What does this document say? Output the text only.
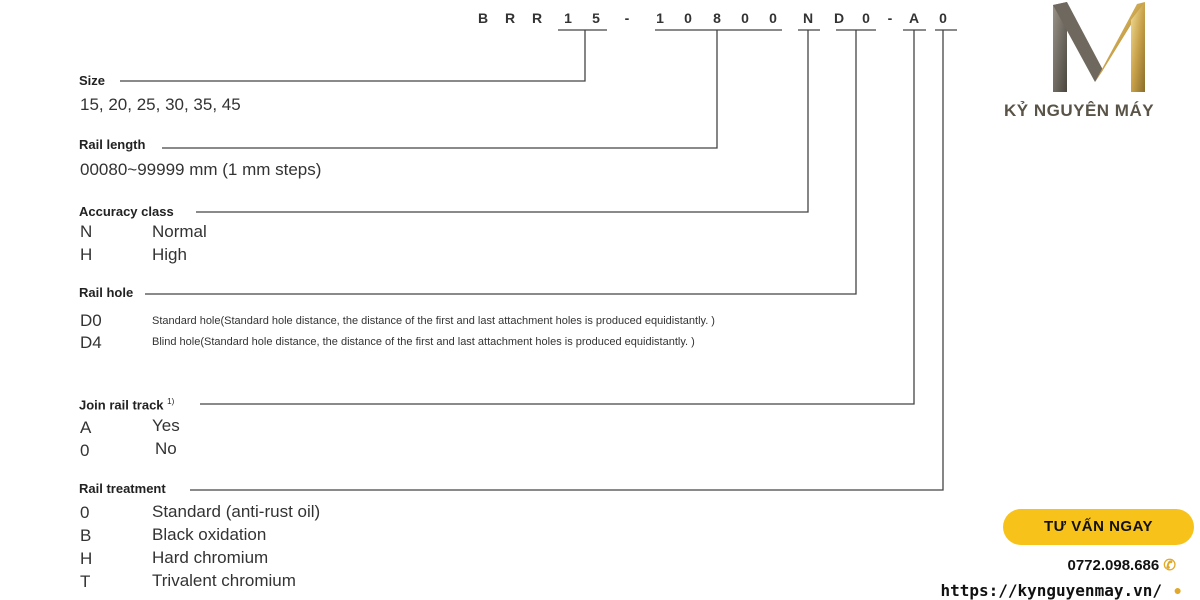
B	R	R	1	5	-	1	0	8	0	0	N	D	0	-	A	0
Size
15, 20, 25, 30, 35, 45
Rail length
00080~99999 mm (1 mm steps)
Accuracy class
N	Normal
H	High
Rail hole
D0	Standard hole(Standard hole distance, the distance of the first and last attachment holes is produced equidistantly. )
D4	Blind hole(Standard hole distance, the distance of the first and last attachment holes is produced equidistantly. )
Join rail track $^{1)}$
A	Yes
0	No
Rail treatment
0	Standard (anti-rust oil)
B	Black oxidation
H	Hard chromium
T	Trivalent chromium
KỶ NGUYÊN MÁY
TƯ VẤN NGAY
0772.098.686 ✆
https://kynguyenmay.vn/ ●
